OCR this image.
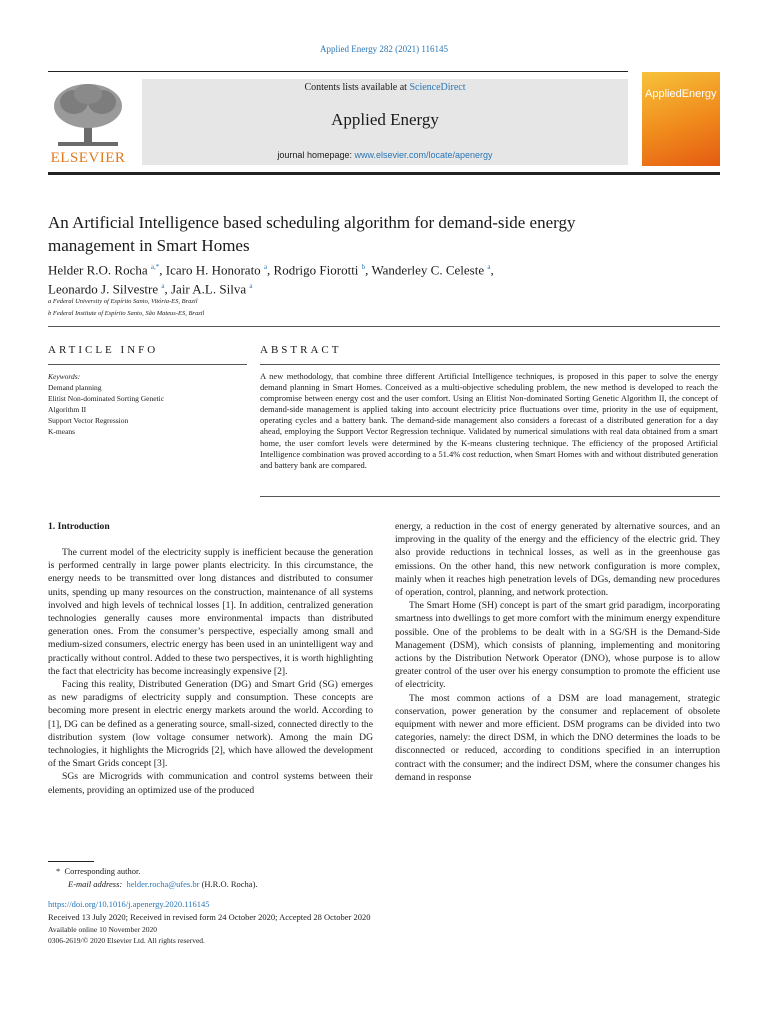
Applied Energy 282 (2021) 116145
ELSEVIER
Contents lists available at ScienceDirect
Applied Energy
journal homepage: www.elsevier.com/locate/apenergy
AppliedEnergy
An Artificial Intelligence based scheduling algorithm for demand-side energy
management in Smart Homes
Helder R.O. Rocha $^{a,*}$, Icaro H. Honorato $^a$, Rodrigo Fiorotti $^b$, Wanderley C. Celeste $^a$,
Leonardo J. Silvestre $^a$, Jair A.L. Silva $^a$
a Federal University of Espírito Santo, Vitória-ES, Brazil
b Federal Institute of Espírito Santo, São Mateus-ES, Brazil
ARTICLE INFO
Keywords:
Demand planning
Elitist Non-dominated Sorting Genetic
Algorithm II
Support Vector Regression
K-means
ABSTRACT
A new methodology, that combine three different Artificial Intelligence techniques, is proposed in this paper to solve the energy demand planning in Smart Homes. Conceived as a multi-objective scheduling problem, the new method is developed to reach the compromise between energy cost and the user comfort. Using an Elitist Non-dominated Sorting Genetic Algorithm II, the concept of demand-side management is applied taking into account electricity price fluctuations over time, priority in the use of equipment, operating cycles and a battery bank. The demand-side management also considers a forecast of a distributed generation for a day ahead, employing the Support Vector Regression technique. Validated by numerical simulations with real data obtained from a smart home, the user comfort levels were determined by the K-means clustering technique. The efficiency of the proposed Artificial Intelligence combination was proved according to a 51.4% cost reduction, when Smart Homes with and without distributed generation and battery bank are compared.
1. Introduction

The current model of the electricity supply is inefficient because the generation is performed centrally in large power plants electricity. In this circumstance, the energy needs to be transmitted over long distances and distributed to consumer units, spending up many resources on the construction, maintenance of all systems involved and high levels of technical losses [1]. In addition, centralized generation technologies generally causes more environmental impacts than distributed generation ones. From the consumer’s perspective, especially among small and medium-sized consumers, electric energy has been used in an unintelligent way and practically without control. Added to these two perspectives, it is worth highlighting the fact that electricity has become increasingly expensive [2].

Facing this reality, Distributed Generation (DG) and Smart Grid (SG) emerges as new paradigms of electricity supply and consumption. These concepts are becoming more present in electric energy markets around the world. According to [1], DG can be defined as a generating source, small-sized, connected directly to the distribution system (low voltage consumer network). Among the main DG technologies, it highlights the Microgrids [2], which have allowed the development of the Smart Grids concept [3].

SGs are Microgrids with communication and control systems between their elements, providing an optimized use of the produced

energy, a reduction in the cost of energy generated by alternative sources, and an improving in the quality of the energy and the efficiency of the electric grid. They also provide reductions in technical losses, as well as in the greenhouse gas emissions. On the other hand, this new network configuration is more complex, mainly when it reaches high penetration levels of DGs, demanding new procedures of operation, control, planning, and network protection.

The Smart Home (SH) concept is part of the smart grid paradigm, incorporating smartness into dwellings to get more comfort with the minimum energy expenditure possible. One of the problems to be dealt with in a SG/SH is the Demand-Side Management (DSM), which consists of planning, implementing and monitoring actions by the Distribution Network Operator (DNO), whose purpose is to allow greater control of the user over his energy consumption to promote the efficient use of electricity.

The most common actions of a DSM are load management, strategic conservation, power generation by the consumer and replacement of obsolete equipment with newer and more efficient. DSM programs can be divided into two categories, namely: the direct DSM, in which the DNO determines the loads to be disconnected or reduced, according to conditions specified in an interruption contract with the consumer; and the indirect DSM, where the consumer changes his demand in response

* Corresponding author.
E-mail address: helder.rocha@ufes.br (H.R.O. Rocha).
https://doi.org/10.1016/j.apenergy.2020.116145
Received 13 July 2020; Received in revised form 24 October 2020; Accepted 28 October 2020
Available online 10 November 2020
0306-2619/© 2020 Elsevier Ltd. All rights reserved.
